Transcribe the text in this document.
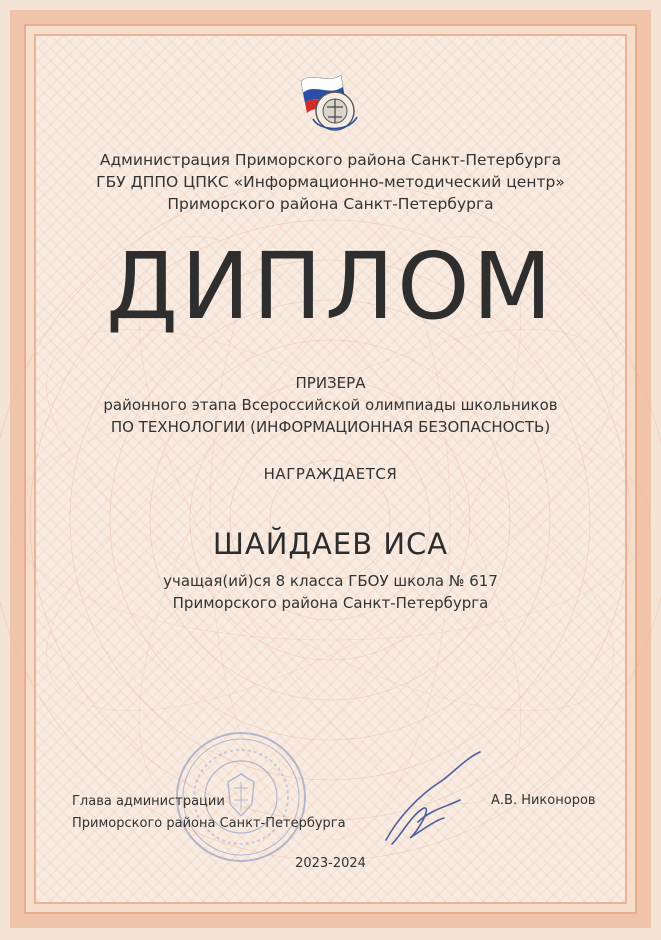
Администрация Приморского района Санкт-Петербурга
ГБУ ДППО ЦПКС «Информационно-методический центр»
Приморского района Санкт-Петербурга
ДИПЛОМ
ПРИЗЕРА
районного этапа Всероссийской олимпиады школьников
ПО ТЕХНОЛОГИИ (ИНФОРМАЦИОННАЯ БЕЗОПАСНОСТЬ)
НАГРАЖДАЕТСЯ
ШАЙДАЕВ ИСА
учащая(ий)ся 8 класса ГБОУ школа № 617
Приморского района Санкт-Петербурга
Глава администрации
Приморского района Санкт-Петербурга
А.В. Никоноров
2023-2024
